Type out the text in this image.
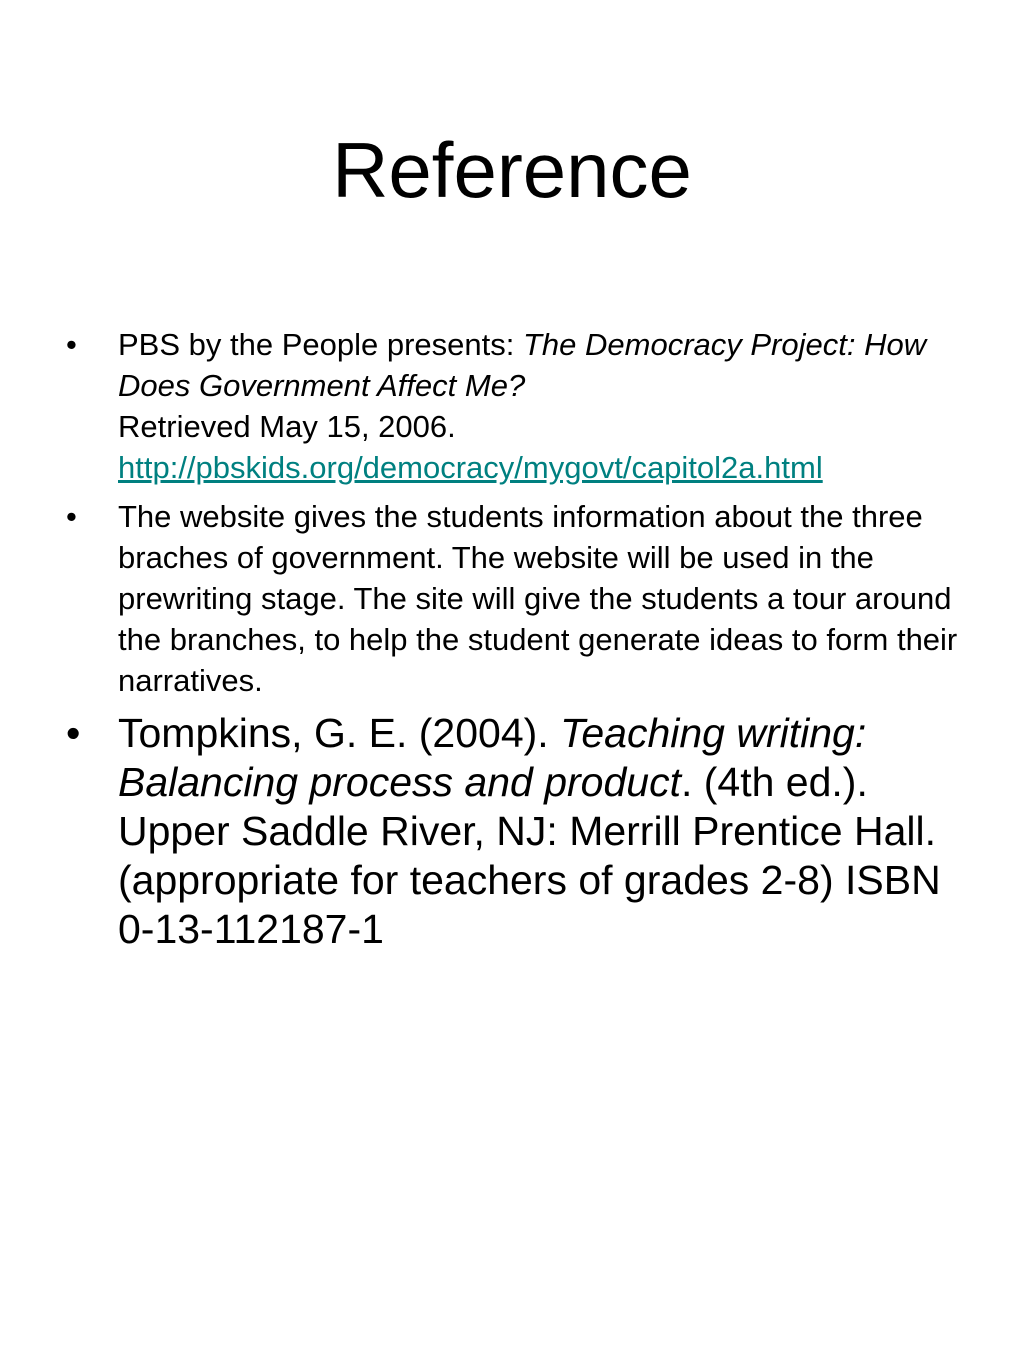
Reference
• PBS by the People presents: The Democracy Project: How Does Government Affect Me?
Retrieved May 15, 2006.
http://pbskids.org/democracy/mygovt/capitol2a.html
• The website gives the students information about the three braches of government. The website will be used in the prewriting stage. The site will give the students a tour around the branches, to help the student generate ideas to form their narratives.
• Tompkins, G. E. (2004). Teaching writing: Balancing process and product. (4th ed.). Upper Saddle River, NJ: Merrill Prentice Hall. (appropriate for teachers of grades 2-8) ISBN 0-13-112187-1
